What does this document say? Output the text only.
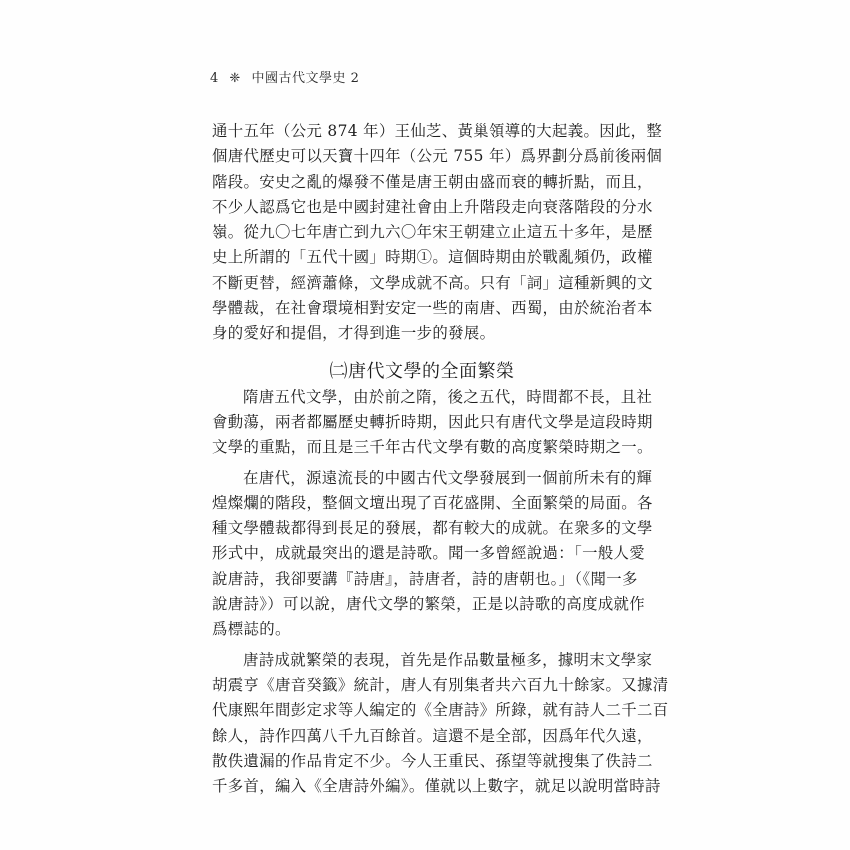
4 ❈ 中國古代文學史 2
通十五年（公元 874 年）王仙芝、黃巢領導的大起義。因此，整
個唐代歷史可以天寶十四年（公元 755 年）爲界劃分爲前後兩個
階段。安史之亂的爆發不僅是唐王朝由盛而衰的轉折點，而且，
不少人認爲它也是中國封建社會由上升階段走向衰落階段的分水
嶺。從九〇七年唐亡到九六〇年宋王朝建立止這五十多年，是歷
史上所謂的「五代十國」時期①。這個時期由於戰亂頻仍，政權
不斷更替，經濟蕭條，文學成就不高。只有「詞」這種新興的文
學體裁，在社會環境相對安定一些的南唐、西蜀，由於統治者本
身的愛好和提倡，才得到進一步的發展。
㈡唐代文學的全面繁榮
隋唐五代文學，由於前之隋，後之五代，時間都不長，且社
會動蕩，兩者都屬歷史轉折時期，因此只有唐代文學是這段時期
文學的重點，而且是三千年古代文學有數的高度繁榮時期之一。
在唐代，源遠流長的中國古代文學發展到一個前所未有的輝
煌燦爛的階段，整個文壇出現了百花盛開、全面繁榮的局面。各
種文學體裁都得到長足的發展，都有較大的成就。在衆多的文學
形式中，成就最突出的還是詩歌。聞一多曾經說過：「一般人愛
說唐詩，我卻要講『詩唐』，詩唐者，詩的唐朝也。」（《聞一多
說唐詩》）可以說，唐代文學的繁榮，正是以詩歌的高度成就作
爲標誌的。
唐詩成就繁榮的表現，首先是作品數量極多，據明末文學家
胡震亨《唐音癸籤》統計，唐人有別集者共六百九十餘家。又據清
代康熙年間彭定求等人編定的《全唐詩》所錄，就有詩人二千二百
餘人，詩作四萬八千九百餘首。這還不是全部，因爲年代久遠，
散佚遺漏的作品肯定不少。今人王重民、孫望等就搜集了佚詩二
千多首，編入《全唐詩外編》。僅就以上數字，就足以說明當時詩
